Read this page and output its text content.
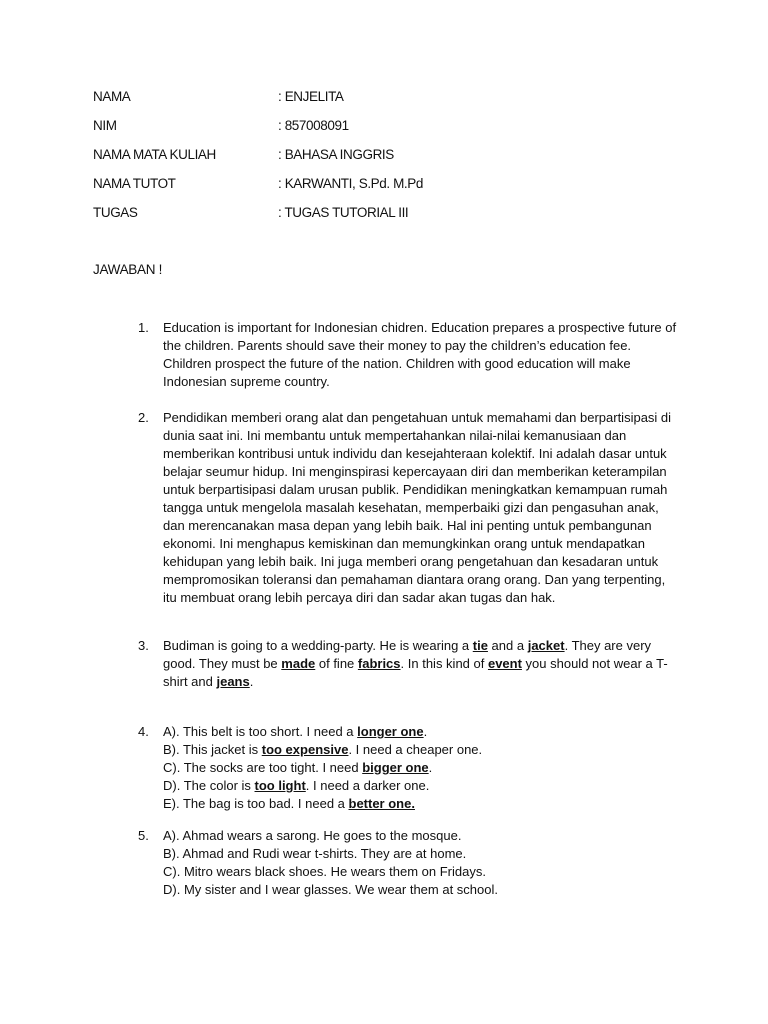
NAMA	: ENJELITA
NIM	: 857008091
NAMA MATA KULIAH	: BAHASA INGGRIS
NAMA TUTOT	: KARWANTI, S.Pd. M.Pd
TUGAS	: TUGAS TUTORIAL III
JAWABAN !
1. Education is important for Indonesian chidren. Education prepares a prospective future of the children. Parents should save their money to pay the children’s education fee. Children prospect the future of the nation. Children with good education will make Indonesian supreme country.

2. Pendidikan memberi orang alat dan pengetahuan untuk memahami dan berpartisipasi di dunia saat ini. Ini membantu untuk mempertahankan nilai-nilai kemanusiaan dan memberikan kontribusi untuk individu dan kesejahteraan kolektif. Ini adalah dasar untuk belajar seumur hidup. Ini menginspirasi kepercayaan diri dan memberikan keterampilan untuk berpartisipasi dalam urusan publik. Pendidikan meningkatkan kemampuan rumah tangga untuk mengelola masalah kesehatan, memperbaiki gizi dan pengasuhan anak, dan merencanakan masa depan yang lebih baik. Hal ini penting untuk pembangunan ekonomi. Ini menghapus kemiskinan dan memungkinkan orang untuk mendapatkan kehidupan yang lebih baik. Ini juga memberi orang pengetahuan dan kesadaran untuk mempromosikan toleransi dan pemahaman diantara orang orang. Dan yang terpenting, itu membuat orang lebih percaya diri dan sadar akan tugas dan hak.

3. Budiman is going to a wedding-party. He is wearing a tie and a jacket. They are very good. They must be made of fine fabrics. In this kind of event you should not wear a T-shirt and jeans.

4. A). This belt is too short. I need a longer one.
B). This jacket is too expensive. I need a cheaper one.
C). The socks are too tight. I need bigger one.
D). The color is too light. I need a darker one.
E). The bag is too bad. I need a better one.
5. A). Ahmad wears a sarong. He goes to the mosque.
B). Ahmad and Rudi wear t-shirts. They are at home.
C). Mitro wears black shoes. He wears them on Fridays.
D). My sister and I wear glasses. We wear them at school.
